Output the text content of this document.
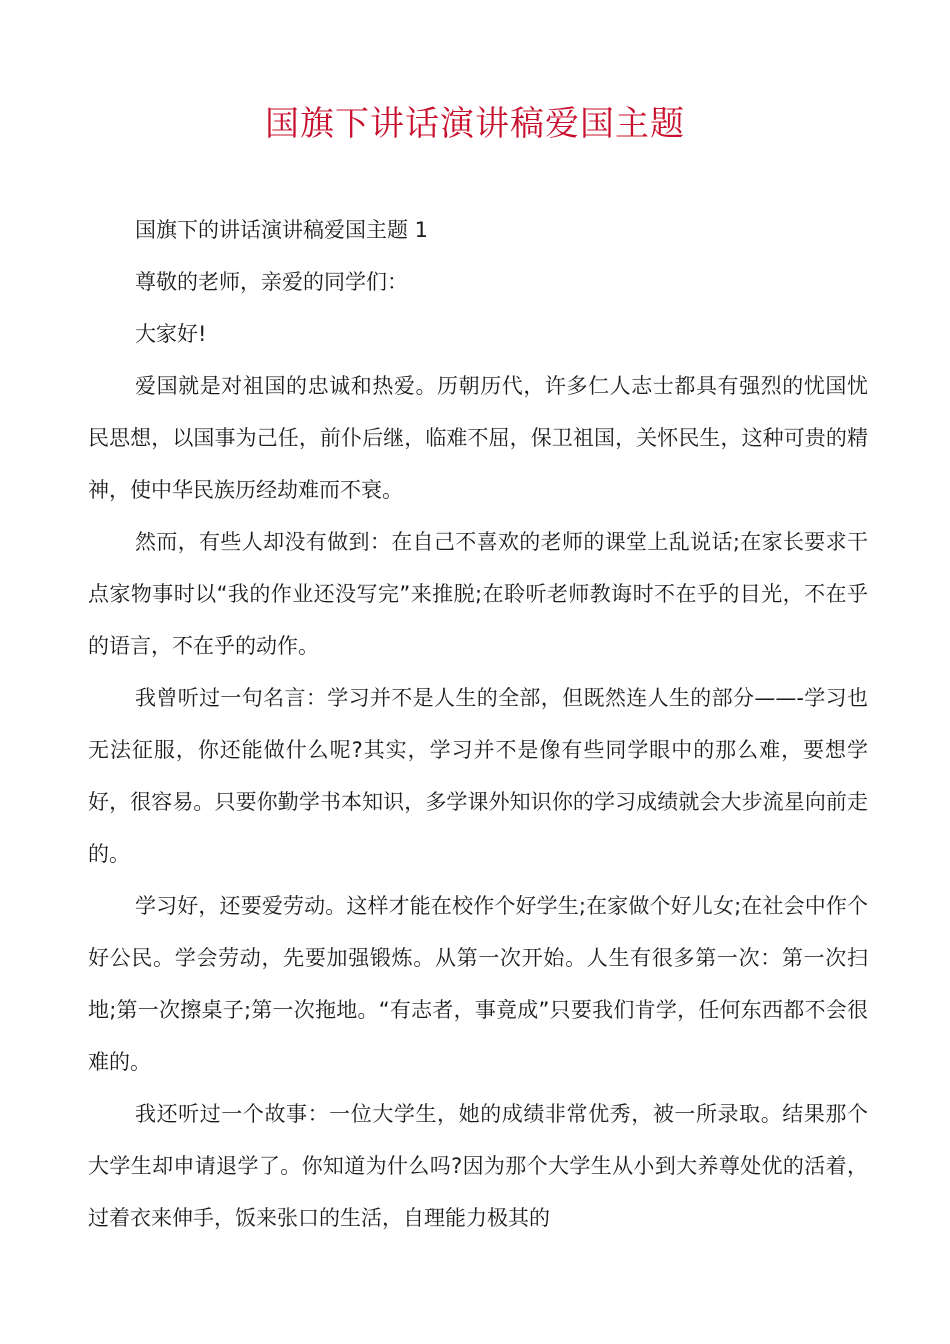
国旗下讲话演讲稿爱国主题

国旗下的讲话演讲稿爱国主题 1

尊敬的老师，亲爱的同学们：

大家好!

爱国就是对祖国的忠诚和热爱。历朝历代，许多仁人志士都具有强烈的忧国忧民思想，以国事为己任，前仆后继，临难不屈，保卫祖国，关怀民生，这种可贵的精神，使中华民族历经劫难而不衰。

然而，有些人却没有做到：在自己不喜欢的老师的课堂上乱说话;在家长要求干点家物事时以“我的作业还没写完”来推脱;在聆听老师教诲时不在乎的目光，不在乎的语言，不在乎的动作。

我曾听过一句名言：学习并不是人生的全部，但既然连人生的部分——-学习也无法征服，你还能做什么呢?其实，学习并不是像有些同学眼中的那么难，要想学好，很容易。只要你勤学书本知识，多学课外知识你的学习成绩就会大步流星向前走的。

学习好，还要爱劳动。这样才能在校作个好学生;在家做个好儿女;在社会中作个好公民。学会劳动，先要加强锻炼。从第一次开始。人生有很多第一次：第一次扫地;第一次擦桌子;第一次拖地。“有志者，事竟成”只要我们肯学，任何东西都不会很难的。

我还听过一个故事：一位大学生，她的成绩非常优秀，被一所录取。结果那个大学生却申请退学了。你知道为什么吗?因为那个大学生从小到大养尊处优的活着，过着衣来伸手，饭来张口的生活，自理能力极其的
